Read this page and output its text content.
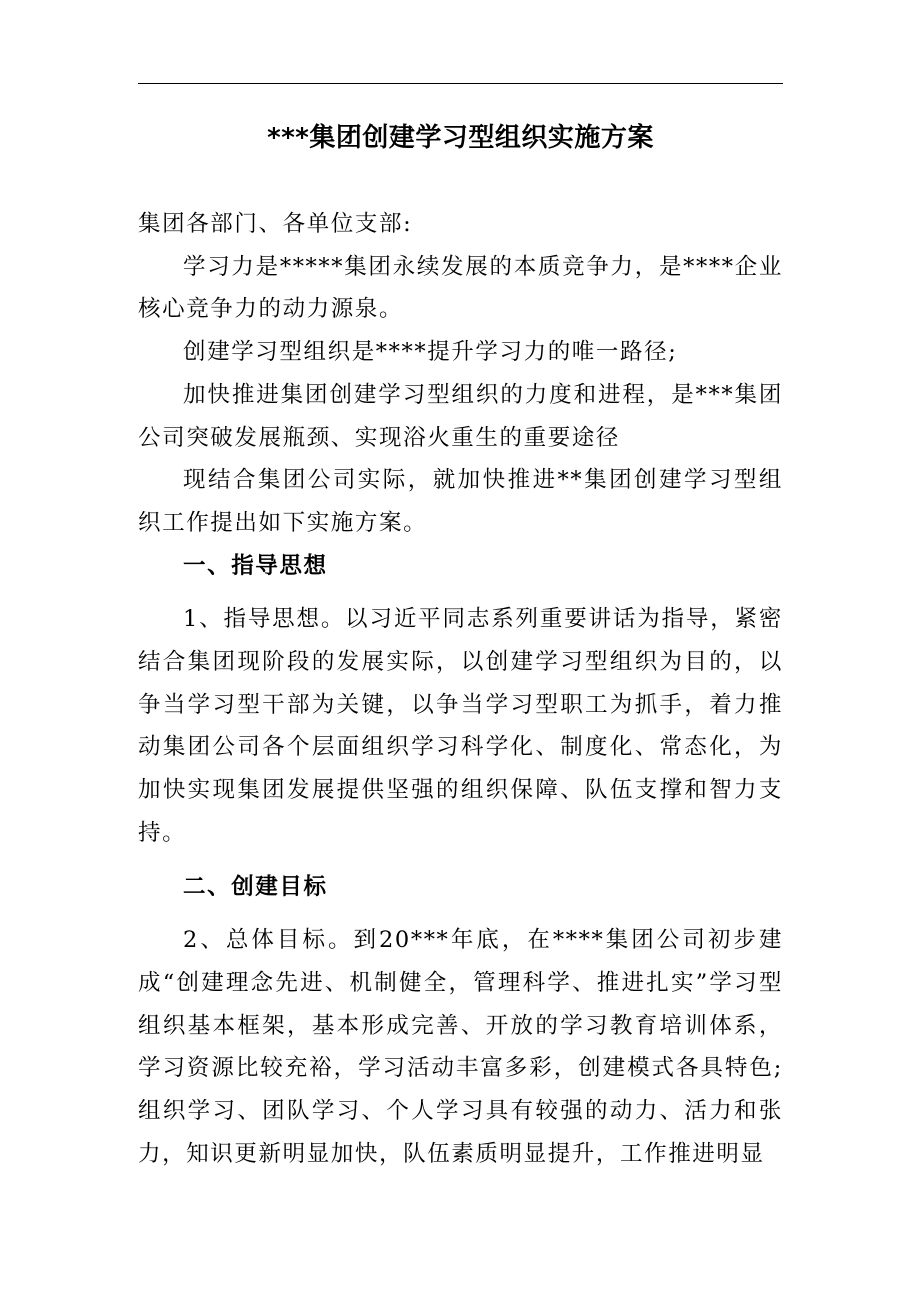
***集团创建学习型组织实施方案

集团各部门、各单位支部:

学习力是*****集团永续发展的本质竞争力，是****企业核心竞争力的动力源泉。

创建学习型组织是****提升学习力的唯一路径;

加快推进集团创建学习型组织的力度和进程，是***集团公司突破发展瓶颈、实现浴火重生的重要途径

现结合集团公司实际，就加快推进**集团创建学习型组织工作提出如下实施方案。

一、指导思想

1、指导思想。以习近平同志系列重要讲话为指导，紧密结合集团现阶段的发展实际，以创建学习型组织为目的，以争当学习型干部为关键，以争当学习型职工为抓手，着力推动集团公司各个层面组织学习科学化、制度化、常态化，为加快实现集团发展提供坚强的组织保障、队伍支撑和智力支持。

二、创建目标

2、总体目标。到20***年底，在****集团公司初步建成“创建理念先进、机制健全，管理科学、推进扎实”学习型组织基本框架，基本形成完善、开放的学习教育培训体系，学习资源比较充裕，学习活动丰富多彩，创建模式各具特色;组织学习、团队学习、个人学习具有较强的动力、活力和张力，知识更新明显加快，队伍素质明显提升，工作推进明显
